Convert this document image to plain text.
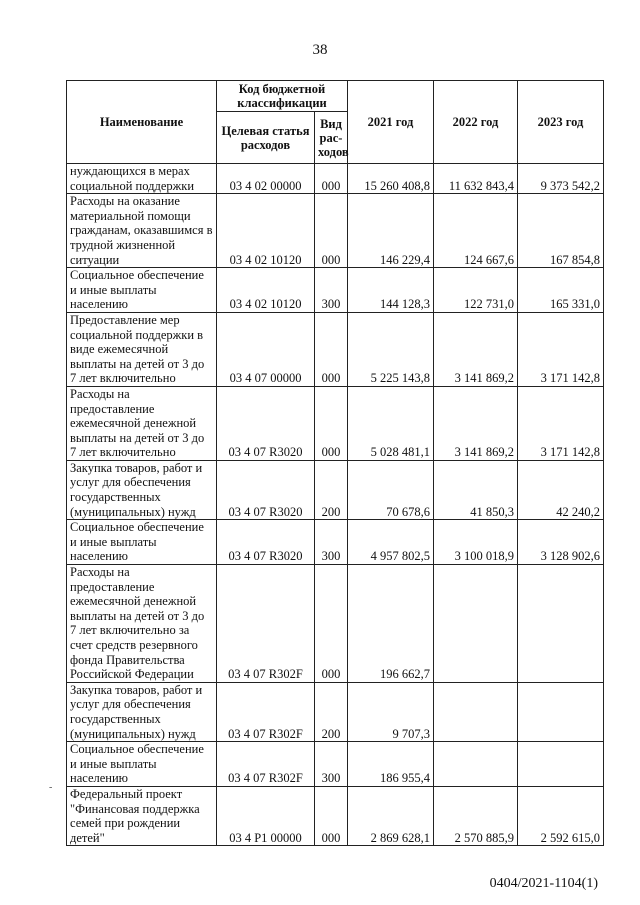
38
Наименование	Код бюджетной классификации		2021 год	2022 год	2023 год
	Целевая статья расходов	Вид рас-ходов			
нуждающихся в мерах социальной поддержки	03 4 02 00000	000	15 260 408,8	11 632 843,4	9 373 542,2
Расходы на оказание материальной помощи гражданам, оказавшимся в трудной жизненной ситуации	03 4 02 10120	000	146 229,4	124 667,6	167 854,8
Социальное обеспечение и иные выплаты населению	03 4 02 10120	300	144 128,3	122 731,0	165 331,0
Предоставление мер социальной поддержки в виде ежемесячной выплаты на детей от 3 до 7 лет включительно	03 4 07 00000	000	5 225 143,8	3 141 869,2	3 171 142,8
Расходы на предоставление ежемесячной денежной выплаты на детей от 3 до 7 лет включительно	03 4 07 R3020	000	5 028 481,1	3 141 869,2	3 171 142,8
Закупка товаров, работ и услуг для обеспечения государственных (муниципальных) нужд	03 4 07 R3020	200	70 678,6	41 850,3	42 240,2
Социальное обеспечение и иные выплаты населению	03 4 07 R3020	300	4 957 802,5	3 100 018,9	3 128 902,6
Расходы на предоставление ежемесячной денежной выплаты на детей от 3 до 7 лет включительно за счет средств резервного фонда Правительства Российской Федерации	03 4 07 R302F	000	196 662,7		
Закупка товаров, работ и услуг для обеспечения государственных (муниципальных) нужд	03 4 07 R302F	200	9 707,3		
Социальное обеспечение и иные выплаты населению	03 4 07 R302F	300	186 955,4		
Федеральный проект "Финансовая поддержка семей при рождении детей"	03 4 P1 00000	000	2 869 628,1	2 570 885,9	2 592 615,0
0404/2021-1104(1)
-
